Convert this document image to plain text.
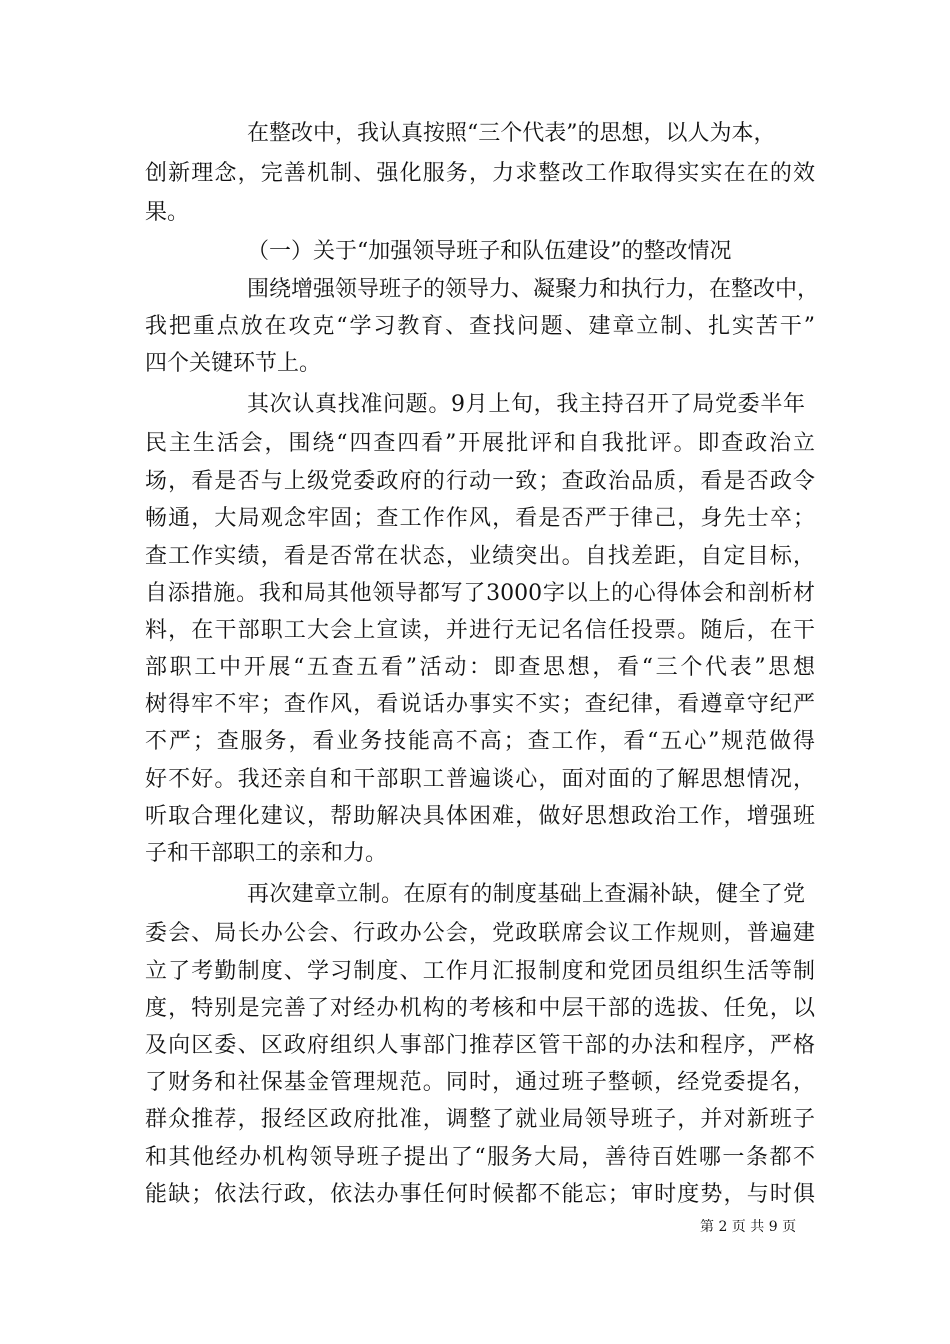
在整改中，我认真按照“三个代表”的思想，以人为本，
创新理念，完善机制、强化服务，力求整改工作取得实实在在的效
果。
（一）关于“加强领导班子和队伍建设”的整改情况
围绕增强领导班子的领导力、凝聚力和执行力，在整改中，
我把重点放在攻克“学习教育、查找问题、建章立制、扎实苦干”
四个关键环节上。
其次认真找准问题。9月上旬，我主持召开了局党委半年
民主生活会，围绕“四查四看”开展批评和自我批评。即查政治立
场，看是否与上级党委政府的行动一致；查政治品质，看是否政令
畅通，大局观念牢固；查工作作风，看是否严于律己，身先士卒；
查工作实绩，看是否常在状态，业绩突出。自找差距，自定目标，
自添措施。我和局其他领导都写了3000字以上的心得体会和剖析材
料，在干部职工大会上宣读，并进行无记名信任投票。随后，在干
部职工中开展“五查五看”活动：即查思想，看“三个代表”思想
树得牢不牢；查作风，看说话办事实不实；查纪律，看遵章守纪严
不严；查服务，看业务技能高不高；查工作，看“五心”规范做得
好不好。我还亲自和干部职工普遍谈心，面对面的了解思想情况，
听取合理化建议，帮助解决具体困难，做好思想政治工作，增强班
子和干部职工的亲和力。
再次建章立制。在原有的制度基础上查漏补缺，健全了党
委会、局长办公会、行政办公会，党政联席会议工作规则，普遍建
立了考勤制度、学习制度、工作月汇报制度和党团员组织生活等制
度，特别是完善了对经办机构的考核和中层干部的选拔、任免，以
及向区委、区政府组织人事部门推荐区管干部的办法和程序，严格
了财务和社保基金管理规范。同时，通过班子整顿，经党委提名，
群众推荐，报经区政府批准，调整了就业局领导班子，并对新班子
和其他经办机构领导班子提出了“服务大局，善待百姓哪一条都不
能缺；依法行政，依法办事任何时候都不能忘；审时度势，与时俱
第 2 页 共 9 页
